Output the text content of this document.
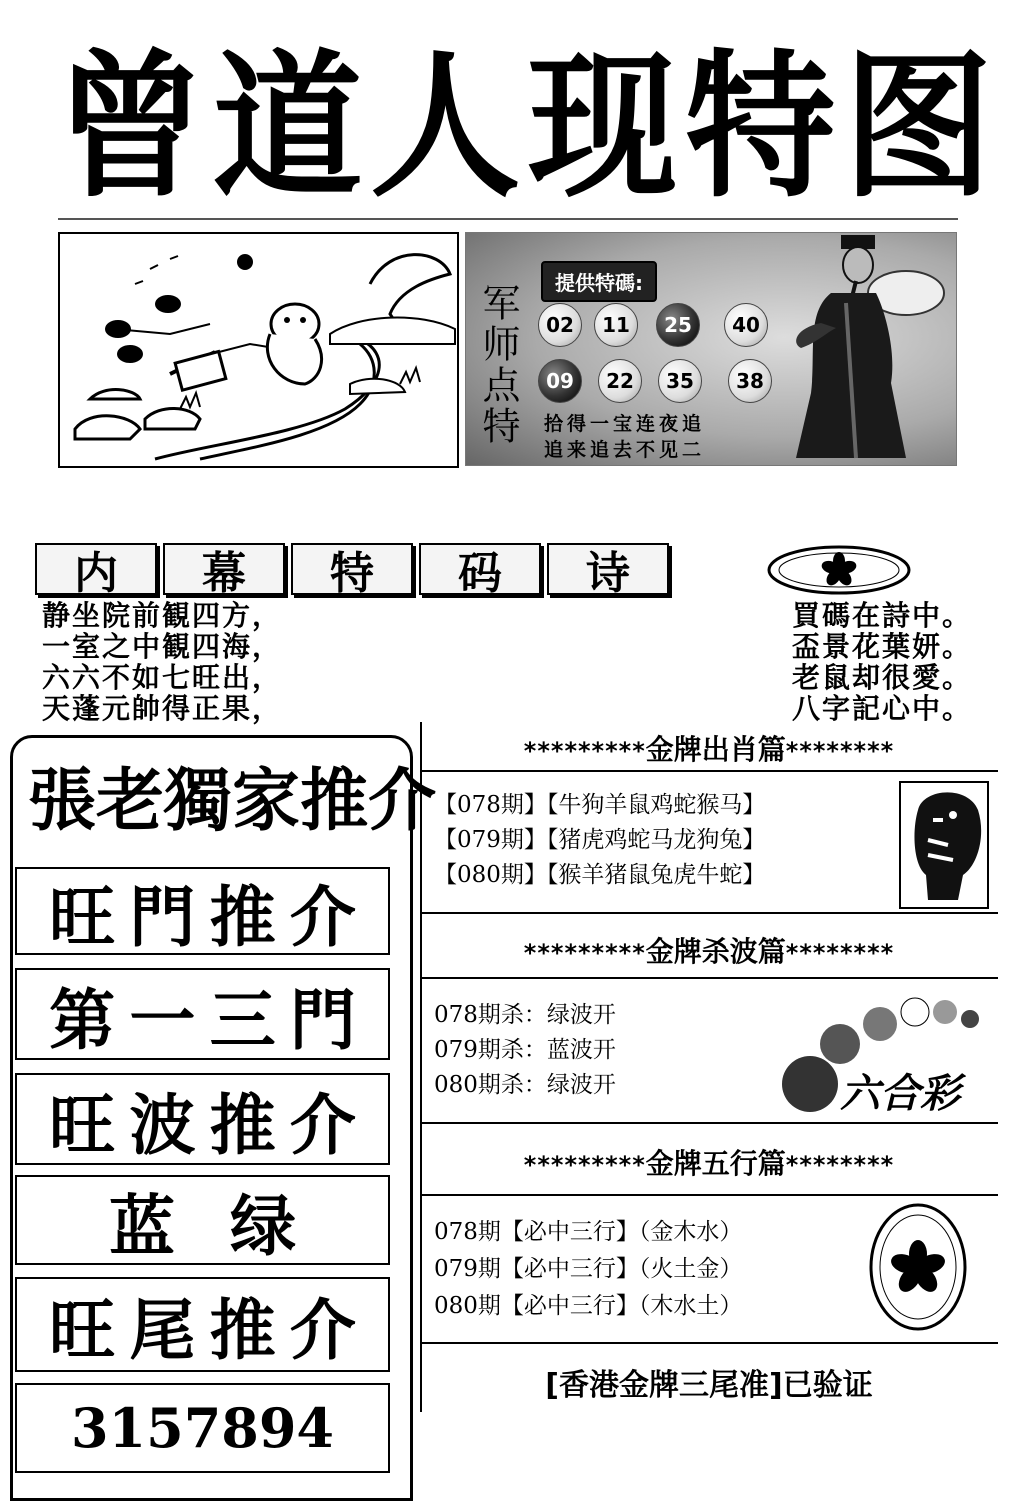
曾 道 人 现 特 图
提供特碼:
军师点特 02 11 25 40
09 22 35 38
拾得一宝连夜追
追来追去不见二
内	幕	特	码	诗
静坐院前観四方，	買碼在詩中。
一室之中観四海，	盃景花葉妍。
六六不如七旺出，	老鼠却很愛。
天蓬元帥得正果，	八字記心中。
張 老 獨 家 推 介
旺 門 推 介
第 一 三 門
旺 波 推 介
蓝 绿
旺 尾 推 介
3157894
*********金牌出肖篇********
【078期】【牛狗羊鼠鸡蛇猴马】
【079期】【猪虎鸡蛇马龙狗兔】
【080期】【猴羊猪鼠兔虎牛蛇】
*********金牌杀波篇********
078期杀：绿波开
079期杀：蓝波开
080期杀：绿波开	六合彩
*********金牌五行篇********
078期【必中三行】（金木水）
079期【必中三行】（火土金）
080期【必中三行】（木水土）
[香港金牌三尾准]已验证
